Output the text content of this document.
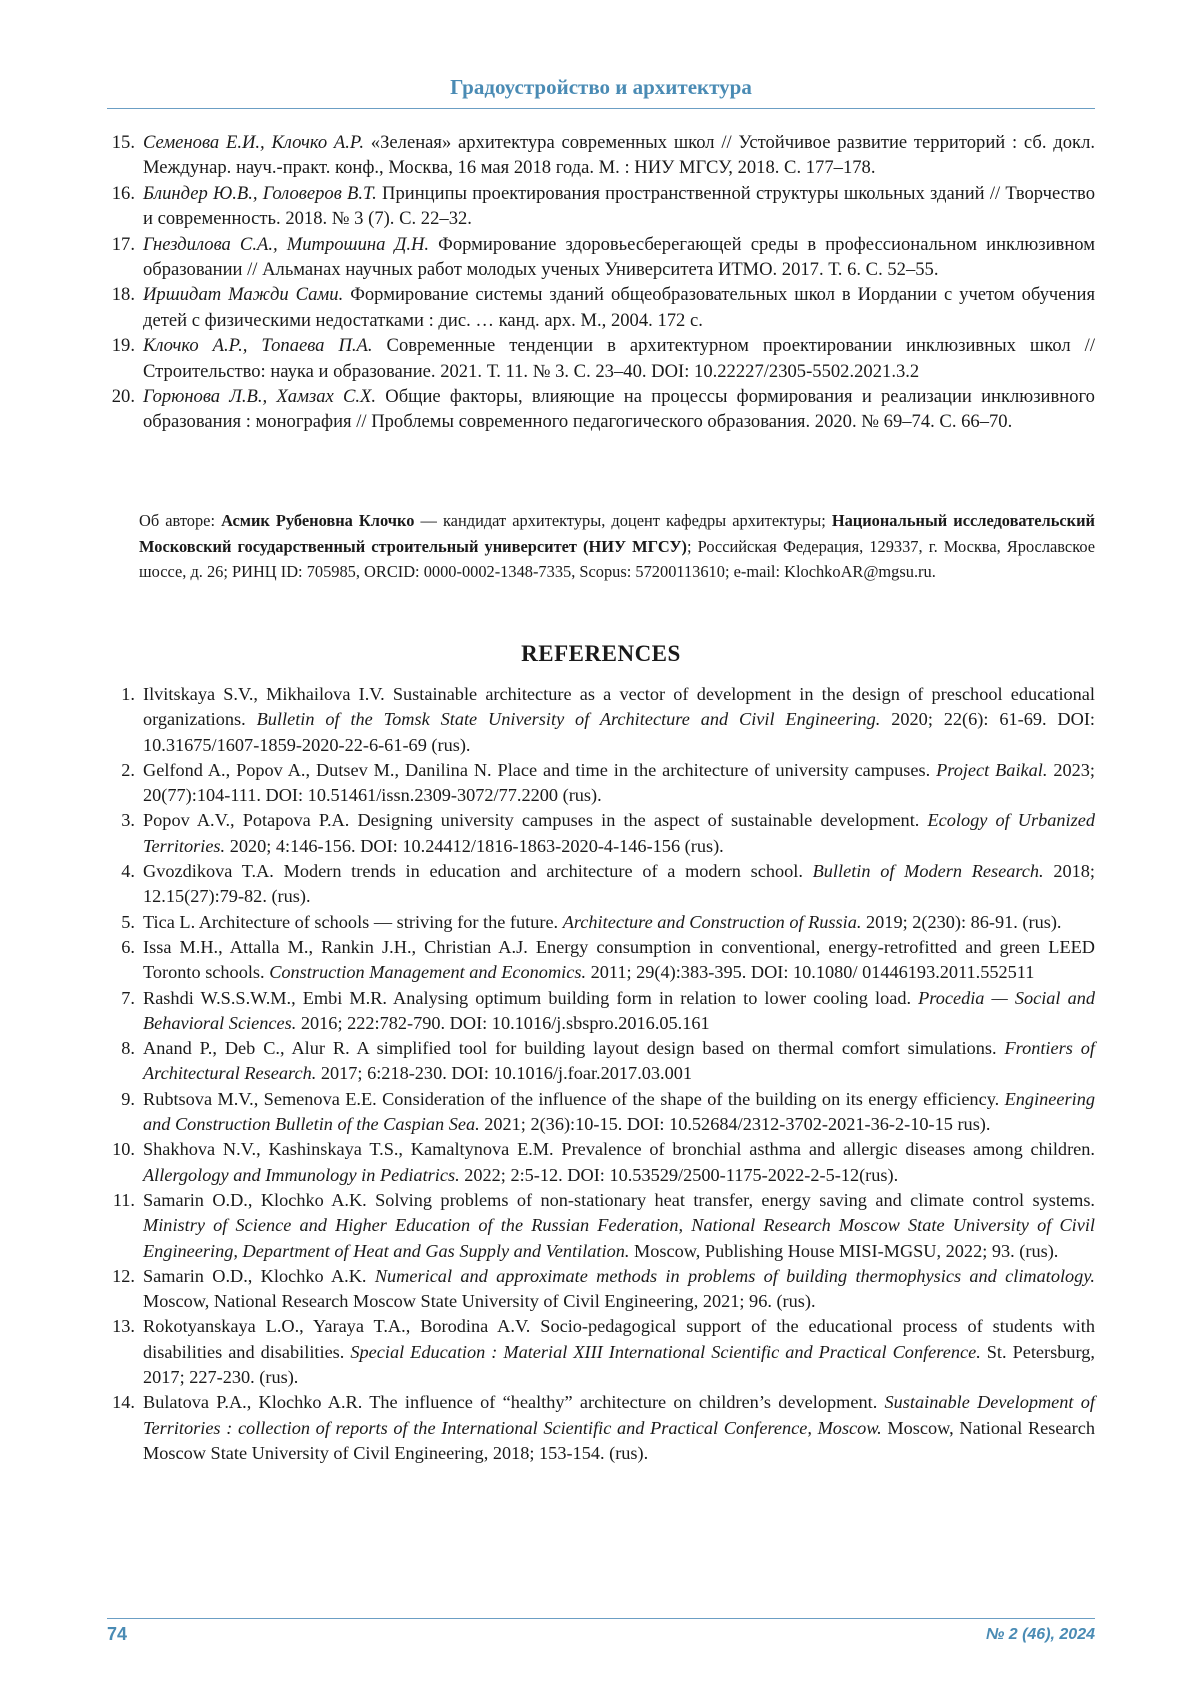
Градоустройство и архитектура
15. Семенова Е.И., Клочко А.Р. «Зеленая» архитектура современных школ // Устойчивое развитие территорий : сб. докл. Междунар. науч.-практ. конф., Москва, 16 мая 2018 года. М. : НИУ МГСУ, 2018. С. 177–178.
16. Блиндер Ю.В., Головеров В.Т. Принципы проектирования пространственной структуры школьных зданий // Творчество и современность. 2018. № 3 (7). С. 22–32.
17. Гнездилова С.А., Митрошина Д.Н. Формирование здоровьесберегающей среды в профессиональном инклюзивном образовании // Альманах научных работ молодых ученых Университета ИТМО. 2017. Т. 6. С. 52–55.
18. Иршидат Мажди Сами. Формирование системы зданий общеобразовательных школ в Иордании с учетом обучения детей с физическими недостатками : дис. … канд. арх. М., 2004. 172 с.
19. Клочко А.Р., Топаева П.А. Современные тенденции в архитектурном проектировании инклюзивных школ // Строительство: наука и образование. 2021. Т. 11. № 3. С. 23–40. DOI: 10.22227/2305-5502.2021.3.2
20. Горюнова Л.В., Хамзах С.Х. Общие факторы, влияющие на процессы формирования и реализации инклюзивного образования : монография // Проблемы современного педагогического образования. 2020. № 69–74. С. 66–70.
Об авторе: Асмик Рубеновна Клочко — кандидат архитектуры, доцент кафедры архитектуры; Национальный исследовательский Московский государственный строительный университет (НИУ МГСУ); Российская Федерация, 129337, г. Москва, Ярославское шоссе, д. 26; РИНЦ ID: 705985, ORCID: 0000-0002-1348-7335, Scopus: 57200113610; e-mail: KlochkoAR@mgsu.ru.
REFERENCES
1. Ilvitskaya S.V., Mikhailova I.V. Sustainable architecture as a vector of development in the design of preschool educational organizations. Bulletin of the Tomsk State University of Architecture and Civil Engineering. 2020; 22(6): 61-69. DOI: 10.31675/1607-1859-2020-22-6-61-69 (rus).
2. Gelfond A., Popov A., Dutsev M., Danilina N. Place and time in the architecture of university campuses. Project Baikal. 2023; 20(77):104-111. DOI: 10.51461/issn.2309-3072/77.2200 (rus).
3. Popov A.V., Potapova P.A. Designing university campuses in the aspect of sustainable development. Ecology of Urbanized Territories. 2020; 4:146-156. DOI: 10.24412/1816-1863-2020-4-146-156 (rus).
4. Gvozdikova T.A. Modern trends in education and architecture of a modern school. Bulletin of Modern Research. 2018; 12.15(27):79-82. (rus).
5. Tica L. Architecture of schools — striving for the future. Architecture and Construction of Russia. 2019; 2(230): 86-91. (rus).
6. Issa M.H., Attalla M., Rankin J.H., Christian A.J. Energy consumption in conventional, energy-retrofitted and green LEED Toronto schools. Construction Management and Economics. 2011; 29(4):383-395. DOI: 10.1080/ 01446193.2011.552511
7. Rashdi W.S.S.W.M., Embi M.R. Analysing optimum building form in relation to lower cooling load. Procedia — Social and Behavioral Sciences. 2016; 222:782-790. DOI: 10.1016/j.sbspro.2016.05.161
8. Anand P., Deb C., Alur R. A simplified tool for building layout design based on thermal comfort simulations. Frontiers of Architectural Research. 2017; 6:218-230. DOI: 10.1016/j.foar.2017.03.001
9. Rubtsova M.V., Semenova E.E. Consideration of the influence of the shape of the building on its energy efficiency. Engineering and Construction Bulletin of the Caspian Sea. 2021; 2(36):10-15. DOI: 10.52684/2312-3702-2021-36-2-10-15 rus).
10. Shakhova N.V., Kashinskaya T.S., Kamaltynova E.M. Prevalence of bronchial asthma and allergic diseases among children. Allergology and Immunology in Pediatrics. 2022; 2:5-12. DOI: 10.53529/2500-1175-2022-2-5-12(rus).
11. Samarin O.D., Klochko A.K. Solving problems of non-stationary heat transfer, energy saving and climate control systems. Ministry of Science and Higher Education of the Russian Federation, National Research Moscow State University of Civil Engineering, Department of Heat and Gas Supply and Ventilation. Moscow, Publishing House MISI-MGSU, 2022; 93. (rus).
12. Samarin O.D., Klochko A.K. Numerical and approximate methods in problems of building thermophysics and climatology. Moscow, National Research Moscow State University of Civil Engineering, 2021; 96. (rus).
13. Rokotyanskaya L.O., Yaraya T.A., Borodina A.V. Socio-pedagogical support of the educational process of students with disabilities and disabilities. Special Education : Material XIII International Scientific and Practical Conference. St. Petersburg, 2017; 227-230. (rus).
14. Bulatova P.A., Klochko A.R. The influence of “healthy” architecture on children’s development. Sustainable Development of Territories : collection of reports of the International Scientific and Practical Conference, Moscow. Moscow, National Research Moscow State University of Civil Engineering, 2018; 153-154. (rus).
74	№ 2 (46), 2024
